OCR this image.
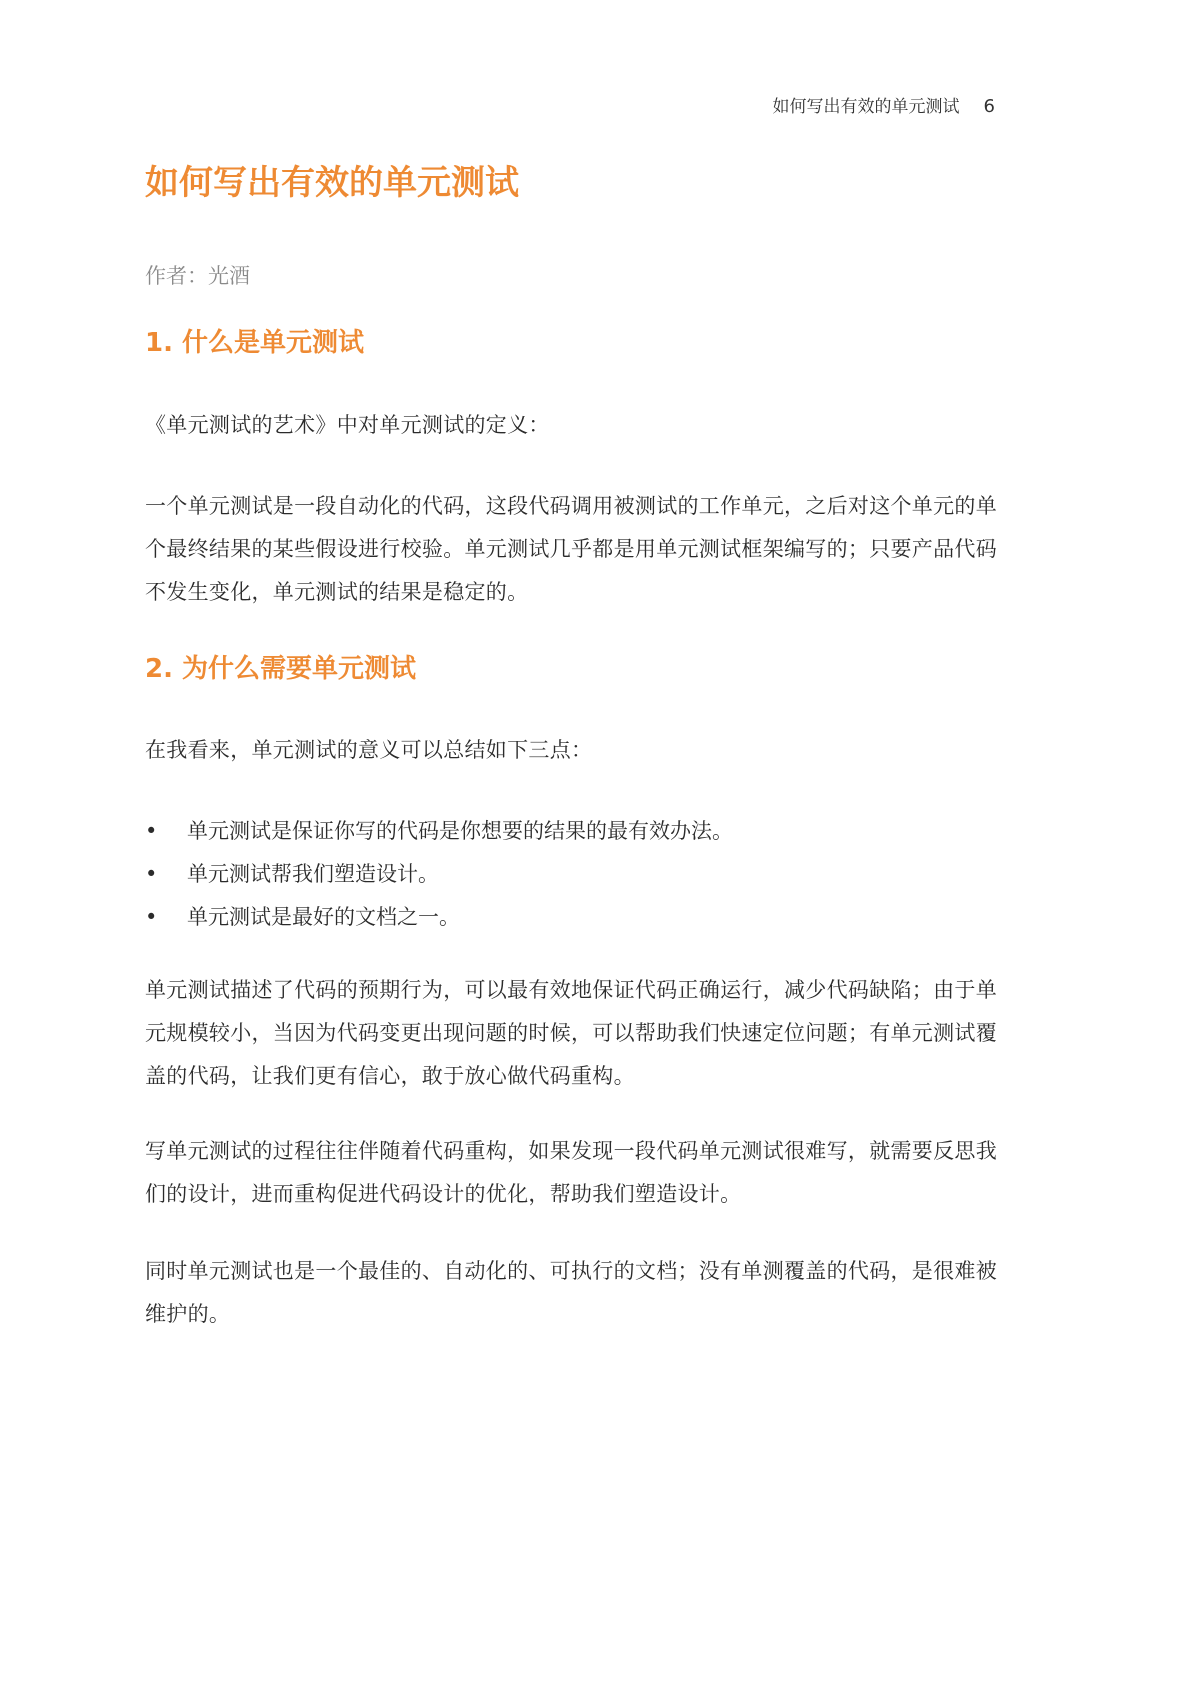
如何写出有效的单元测试 6
如何写出有效的单元测试
作者：光酒
1. 什么是单元测试

《单元测试的艺术》中对单元测试的定义：

一个单元测试是一段自动化的代码，这段代码调用被测试的工作单元，之后对这个单元的单个最终结果的某些假设进行校验。单元测试几乎都是用单元测试框架编写的；只要产品代码不发生变化，单元测试的结果是稳定的。

2. 为什么需要单元测试

在我看来，单元测试的意义可以总结如下三点：

• 单元测试是保证你写的代码是你想要的结果的最有效办法。
• 单元测试帮我们塑造设计。
• 单元测试是最好的文档之一。

单元测试描述了代码的预期行为，可以最有效地保证代码正确运行，减少代码缺陷；由于单元规模较小，当因为代码变更出现问题的时候，可以帮助我们快速定位问题；有单元测试覆盖的代码，让我们更有信心，敢于放心做代码重构。

写单元测试的过程往往伴随着代码重构，如果发现一段代码单元测试很难写，就需要反思我们的设计，进而重构促进代码设计的优化，帮助我们塑造设计。

同时单元测试也是一个最佳的、自动化的、可执行的文档；没有单测覆盖的代码，是很难被维护的。
